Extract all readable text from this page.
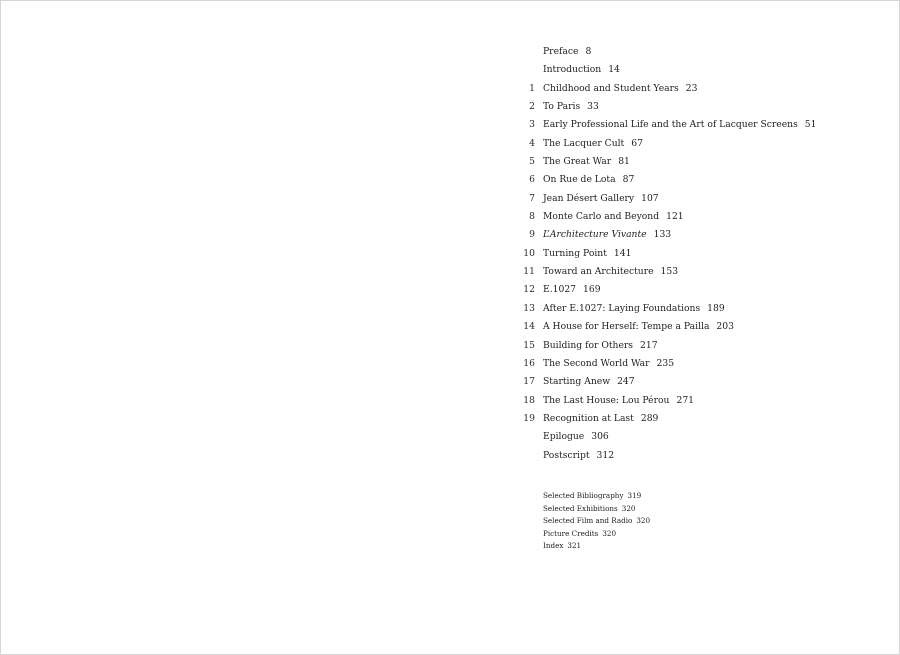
Preface 8
Introduction 14
1 Childhood and Student Years 23
2 To Paris 33
3 Early Professional Life and the Art of Lacquer Screens 51
4 The Lacquer Cult 67
5 The Great War 81
6 On Rue de Lota 87
7 Jean Désert Gallery 107
8 Monte Carlo and Beyond 121
9 L’Architecture Vivante 133
10 Turning Point 141
11 Toward an Architecture 153
12 E.1027 169
13 After E.1027: Laying Foundations 189
14 A House for Herself: Tempe a Pailla 203
15 Building for Others 217
16 The Second World War 235
17 Starting Anew 247
18 The Last House: Lou Pérou 271
19 Recognition at Last 289
Epilogue 306
Postscript 312
Selected Bibliography 319
Selected Exhibitions 320
Selected Film and Radio 320
Picture Credits 320
Index 321
